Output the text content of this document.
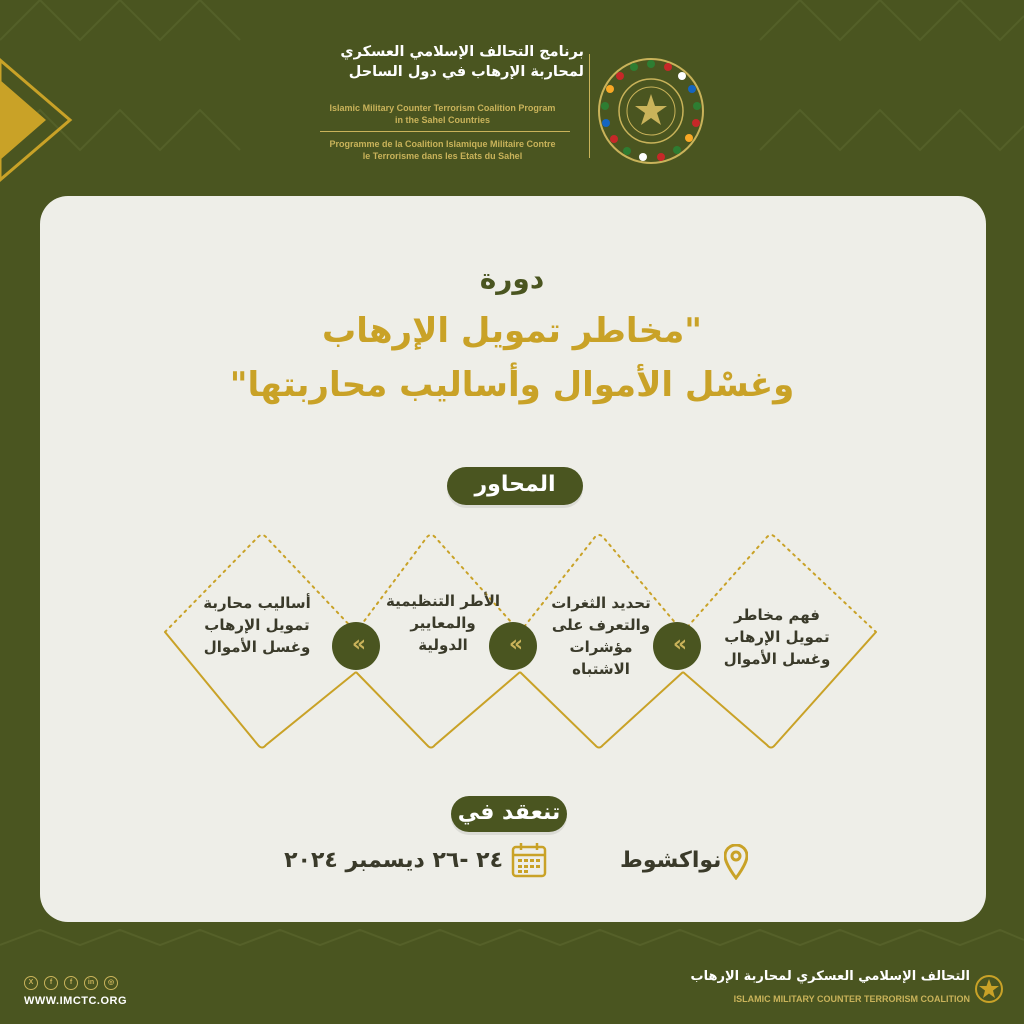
برنامج التحالف الإسلامي العسكري
لمحاربة الإرهاب في دول الساحل
Islamic Military Counter Terrorism Coalition Program
in the Sahel Countries
Programme de la Coalition Islamique Militaire Contre
le Terrorisme dans les Etats du Sahel
دورة
"مخاطر تمويل الإرهاب
وغسْل الأموال وأساليب محاربتها"
المحاور
فهم مخاطر
تمويل الإرهاب
وغسل الأموال
تحديد الثغرات
والتعرف على
مؤشرات
الاشتباه
الأطر التنظيمية
والمعايير
الدولية
أساليب محاربة
تمويل الإرهاب
وغسل الأموال	«
«
«
تنعقد في
نواكشوط
٢٤ -٢٦ ديسمبر ٢٠٢٤
X	f	f	in	◎
WWW.IMCTC.ORG
التحالف الإسلامي العسكري لمحاربة الإرهاب
ISLAMIC MILITARY COUNTER TERRORISM COALITION
